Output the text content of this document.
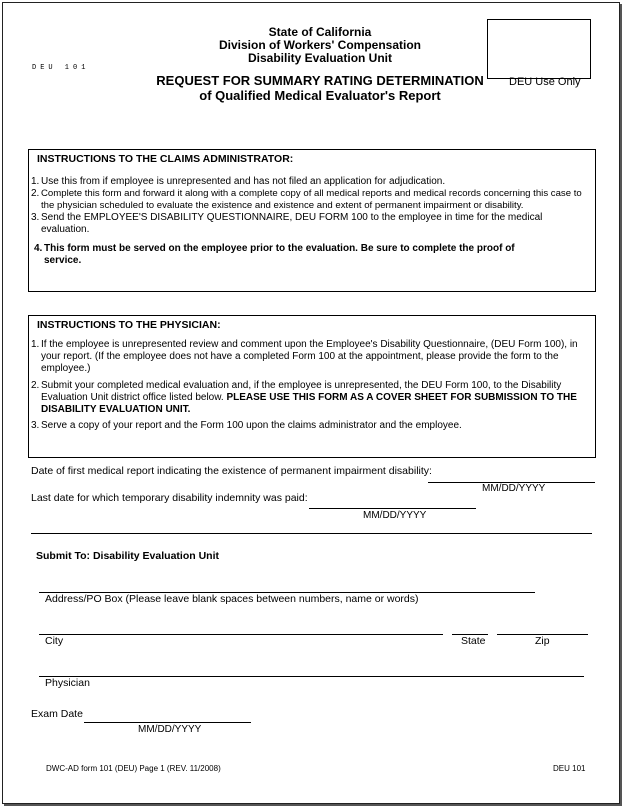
State of California
Division of Workers' Compensation
Disability Evaluation Unit
DEU 101
REQUEST FOR SUMMARY RATING DETERMINATION
of Qualified Medical Evaluator's Report
DEU Use Only
INSTRUCTIONS TO THE CLAIMS ADMINISTRATOR:
1. Use this from if employee is unrepresented and has not filed an application for adjudication.
2. Complete this form and forward it along with a complete copy of all medical reports and medical records concerning this case to the physician scheduled to evaluate the existence and existence and extent of permanent impairment or disability.
3. Send the EMPLOYEE'S DISABILITY QUESTIONNAIRE, DEU FORM 100 to the employee in time for the medical evaluation.
4. This form must be served on the employee prior to the evaluation. Be sure to complete the proof of service.
INSTRUCTIONS TO THE PHYSICIAN:
1. If the employee is unrepresented review and comment upon the Employee's Disability Questionnaire, (DEU Form 100), in your report. (If the employee does not have a completed Form 100 at the appointment, please provide the form to the employee.)
2. Submit your completed medical evaluation and, if the employee is unrepresented, the DEU Form 100, to the Disability Evaluation Unit district office listed below. PLEASE USE THIS FORM AS A COVER SHEET FOR SUBMISSION TO THE DISABILITY EVALUATION UNIT.
3. Serve a copy of your report and the Form 100 upon the claims administrator and the employee.
Date of first medical report indicating the existence of permanent impairment disability:
MM/DD/YYYY
Last date for which temporary disability indemnity was paid:
MM/DD/YYYY
Submit To: Disability Evaluation Unit
Address/PO Box (Please leave blank spaces between numbers, name or words)
City	State	Zip
Physician
Exam Date
MM/DD/YYYY
DWC-AD form 101 (DEU) Page 1 (REV. 11/2008)	DEU 101
